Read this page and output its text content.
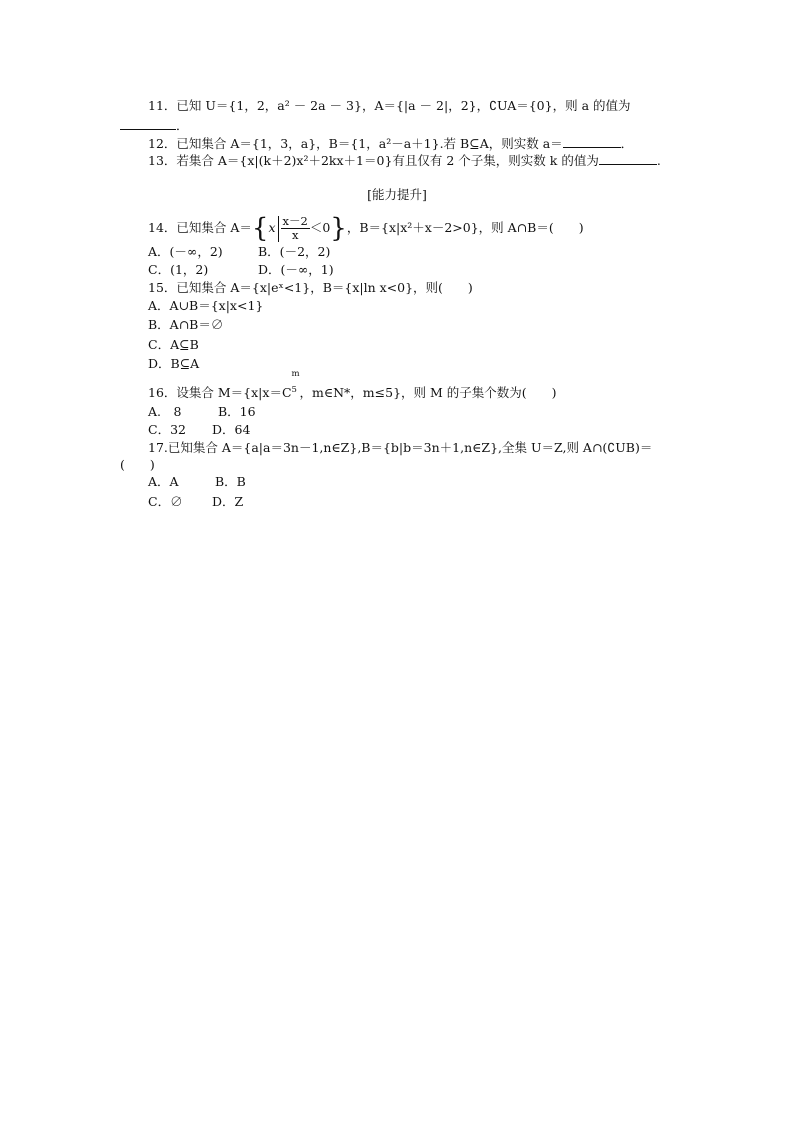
11．已知 U＝{1，2，a² － 2a － 3}，A＝{|a － 2|，2}，∁UA＝{0}，则 a 的值为
．
12．已知集合 A＝{1，3，a}，B＝{1，a²－a＋1}.若 B⊆A，则实数 a＝	．
13．若集合 A＝{x|(k＋2)x²＋2kx＋1＝0}有且仅有 2 个子集，则实数 k 的值为	.
[能力提升]
14．已知集合 $A=\{x \frac{x-2}{x} <0\}$，B＝{x|x²＋x－2>0}，则 A∩B＝(　　)
A．(－∞，2)	B．(－2，2)
C．(1，2)	D．(－∞，1)
15．已知集合 A＝{x|eˣ<1}，B＝{x|ln x<0}，则(　　)
A．A∪B＝{x|x<1}
B．A∩B＝∅
C．A⊆B
D．B⊆A
16．设集合 M＝{x|x＝C
m
5 ，m∈N*，m≤5}，则 M 的子集个数为(　　)
A.　8	B．16
C．32 D．64
17.已知集合 A＝{a|a＝3n－1,n∈Z},B＝{b|b＝3n＋1,n∈Z},全集 U＝Z,则 A∩(∁UB)＝
(　　)
A．A	B．B
C．∅ D．Z
